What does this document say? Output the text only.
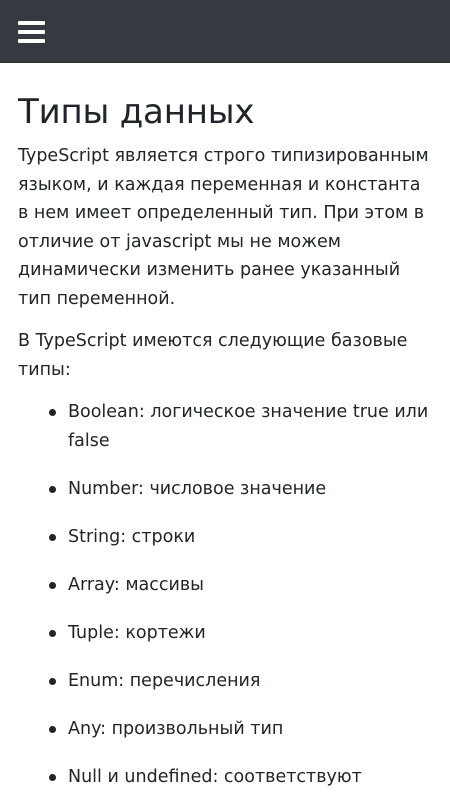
Типы данных

TypeScript является строго типизированным языком, и каждая переменная и константа в нем имеет определенный тип. При этом в отличие от javascript мы не можем динамически изменить ранее указанный тип переменной.

В TypeScript имеются следующие базовые типы:

Boolean: логическое значение true или false
Number: числовое значение
String: строки
Array: массивы
Tuple: кортежи
Enum: перечисления
Any: произвольный тип
Null и undefined: соответствуют
